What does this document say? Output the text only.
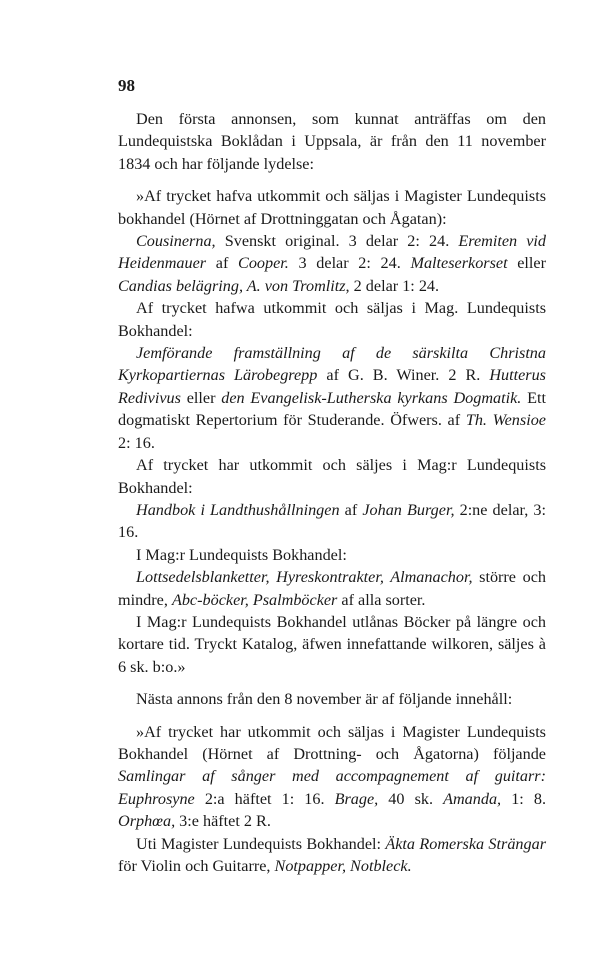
98

Den första annonsen, som kunnat anträffas om den Lundequistska Boklådan i Uppsala, är från den 11 november 1834 och har följande lydelse:

»Af trycket hafva utkommit och säljas i Magister Lundequists bokhandel (Hörnet af Drottninggatan och Ågatan):

Cousinerna, Svenskt original. 3 delar 2: 24. Eremiten vid Heidenmauer af Cooper. 3 delar 2: 24. Malteserkorset eller Candias belägring, A. von Tromlitz, 2 delar 1: 24.

Af trycket hafwa utkommit och säljas i Mag. Lundequists Bokhandel:

Jemförande framställning af de särskilta Christna Kyrkopartiernas Lärobegrepp af G. B. Winer. 2 R. Hutterus Redivivus eller den Evangelisk-Lutherska kyrkans Dogmatik. Ett dogmatiskt Repertorium för Studerande. Öfwers. af Th. Wensioe 2: 16.

Af trycket har utkommit och säljes i Mag:r Lundequists Bokhandel:

Handbok i Landthushållningen af Johan Burger, 2:ne delar, 3: 16.

I Mag:r Lundequists Bokhandel:

Lottsedelsblanketter, Hyreskontrakter, Almanachor, större och mindre, Abc-böcker, Psalmböcker af alla sorter.

I Mag:r Lundequists Bokhandel utlånas Böcker på längre och kortare tid. Tryckt Katalog, äfwen innefattande wilkoren, säljes à 6 sk. b:o.»

Nästa annons från den 8 november är af följande innehåll:

»Af trycket har utkommit och säljas i Magister Lundequists Bokhandel (Hörnet af Drottning- och Ågatorna) följande Samlingar af sånger med accompagnement af guitarr: Euphrosyne 2:a häftet 1: 16. Brage, 40 sk. Amanda, 1: 8. Orphœa, 3:e häftet 2 R.

Uti Magister Lundequists Bokhandel: Äkta Romerska Strängar för Violin och Guitarre, Notpapper, Notbleck.
